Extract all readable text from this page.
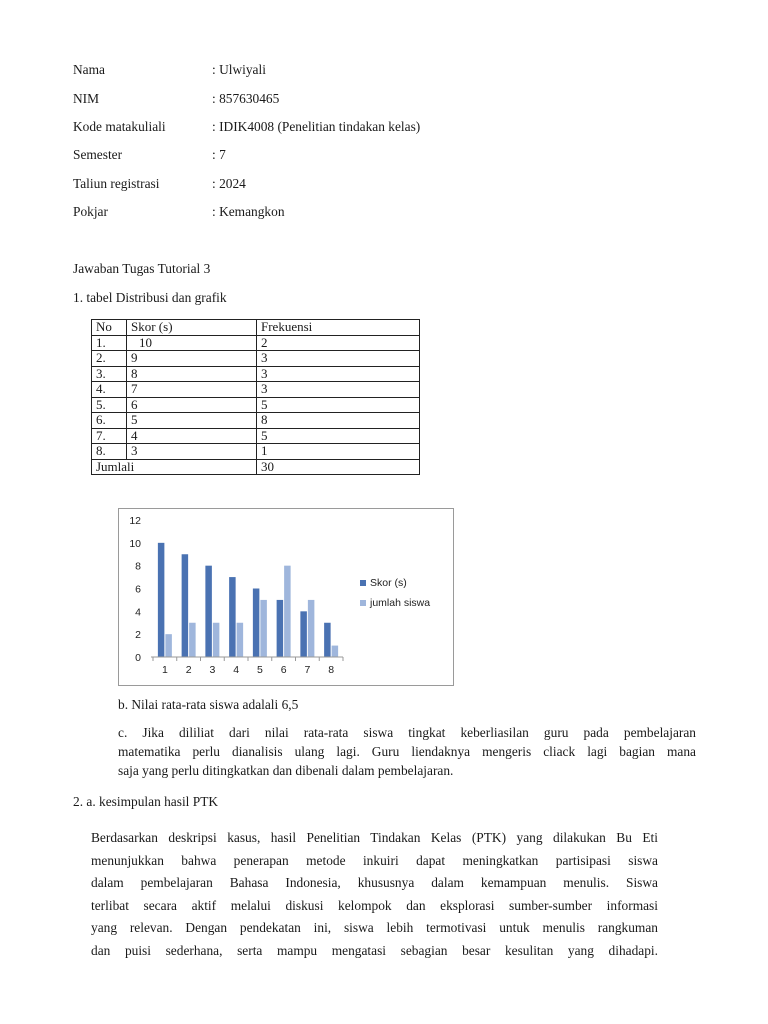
Nama	: Ulwiyali
NIM	: 857630465
Kode matakuliali	: IDIK4008 (Penelitian tindakan kelas)
Semester	: 7
Taliun registrasi	: 2024
Pokjar	: Kemangkon
Jawaban Tugas Tutorial 3
1. tabel Distribusi dan grafik
No	Skor (s)	Frekuensi
1.	10	2
2.	9	3
3.	8	3
4.	7	3
5.	6	5
6.	5	8
7.	4	5
8.	3	1
Jumlali		30
0
2
4
6
8
10
12
1 2 3 4 5 6 7 8
Skor (s)
jumlah siswa
b. Nilai rata-rata siswa adalali 6,5
c. Jika dililiat dari nilai rata-rata siswa tingkat keberliasilan guru pada pembelajaran
matematika perlu dianalisis ulang lagi. Guru liendaknya mengeris cliack lagi bagian mana
saja yang perlu ditingkatkan dan dibenali dalam pembelajaran.
2. a. kesimpulan hasil PTK
Berdasarkan deskripsi kasus, hasil Penelitian Tindakan Kelas (PTK) yang dilakukan Bu Eti
menunjukkan bahwa penerapan metode inkuiri dapat meningkatkan partisipasi siswa
dalam pembelajaran Bahasa Indonesia, khususnya dalam kemampuan menulis. Siswa
terlibat secara aktif melalui diskusi kelompok dan eksplorasi sumber-sumber informasi
yang relevan. Dengan pendekatan ini, siswa lebih termotivasi untuk menulis rangkuman
dan puisi sederhana, serta mampu mengatasi sebagian besar kesulitan yang dihadapi.
